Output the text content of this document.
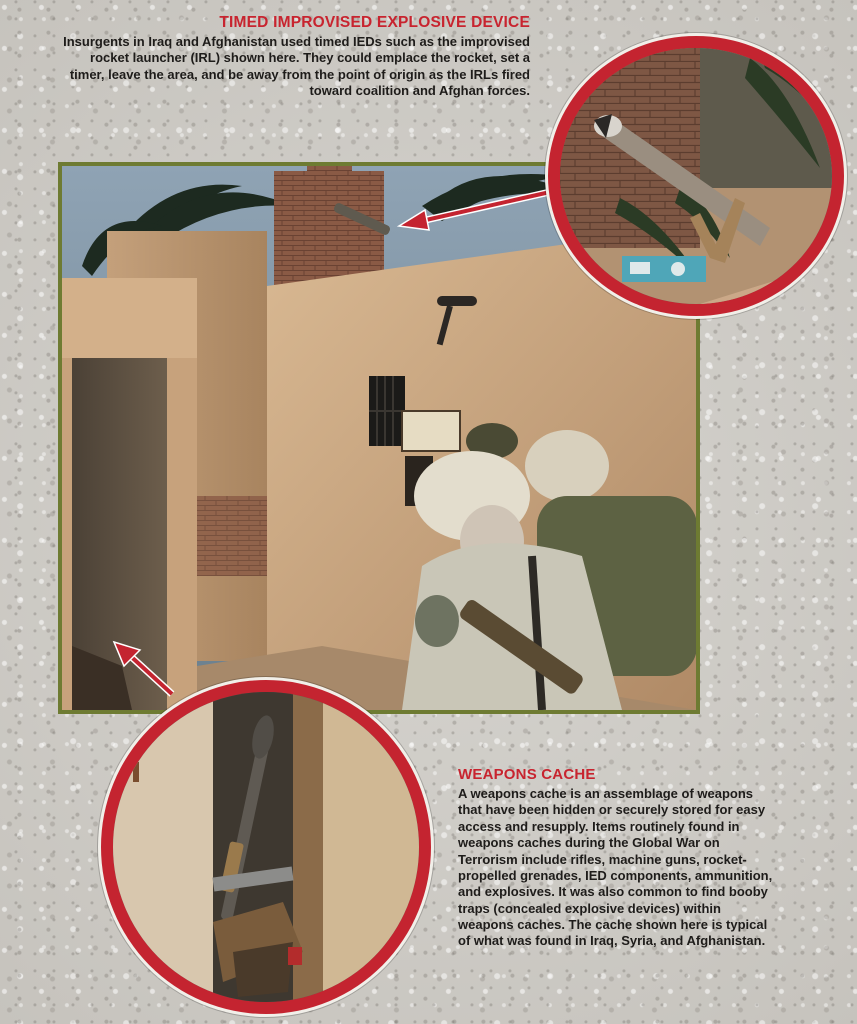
TIMED IMPROVISED EXPLOSIVE DEVICE
Insurgents in Iraq and Afghanistan used timed IEDs such as the improvised rocket launcher (IRL) shown here. They could emplace the rocket, set a timer, leave the area, and be away from the point of origin as the IRLs fired toward coalition and Afghan forces.
WEAPONS CACHE
A weapons cache is an assemblage of weapons that have been hidden or securely stored for easy access and resupply. Items routinely found in weapons caches during the Global War on Terrorism include rifles, machine guns, rocket-propelled grenades, IED components, ammunition, and explosives. It was also common to find booby traps (concealed explosive devices) within weapons caches. The cache shown here is typical of what was found in Iraq, Syria, and Afghanistan.
